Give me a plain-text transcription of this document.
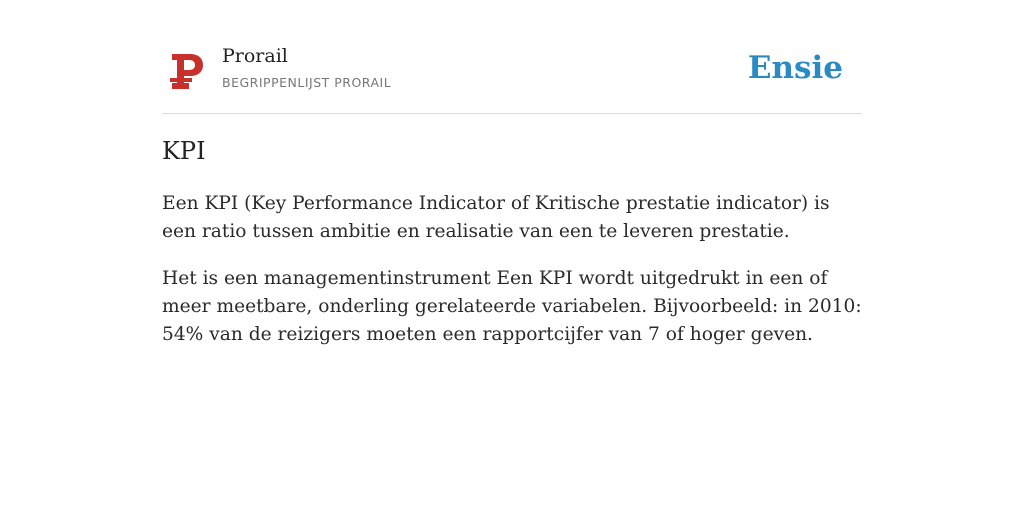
Prorail
BEGRIPPENLIJST PRORAIL	Ensie
KPI

Een KPI (Key Performance Indicator of Kritische prestatie indicator) is een ratio tussen ambitie en realisatie van een te leveren prestatie.

Het is een managementinstrument Een KPI wordt uitgedrukt in een of meer meetbare, onderling gerelateerde variabelen. Bijvoorbeeld: in 2010: 54% van de reizigers moeten een rapportcijfer van 7 of hoger geven.
